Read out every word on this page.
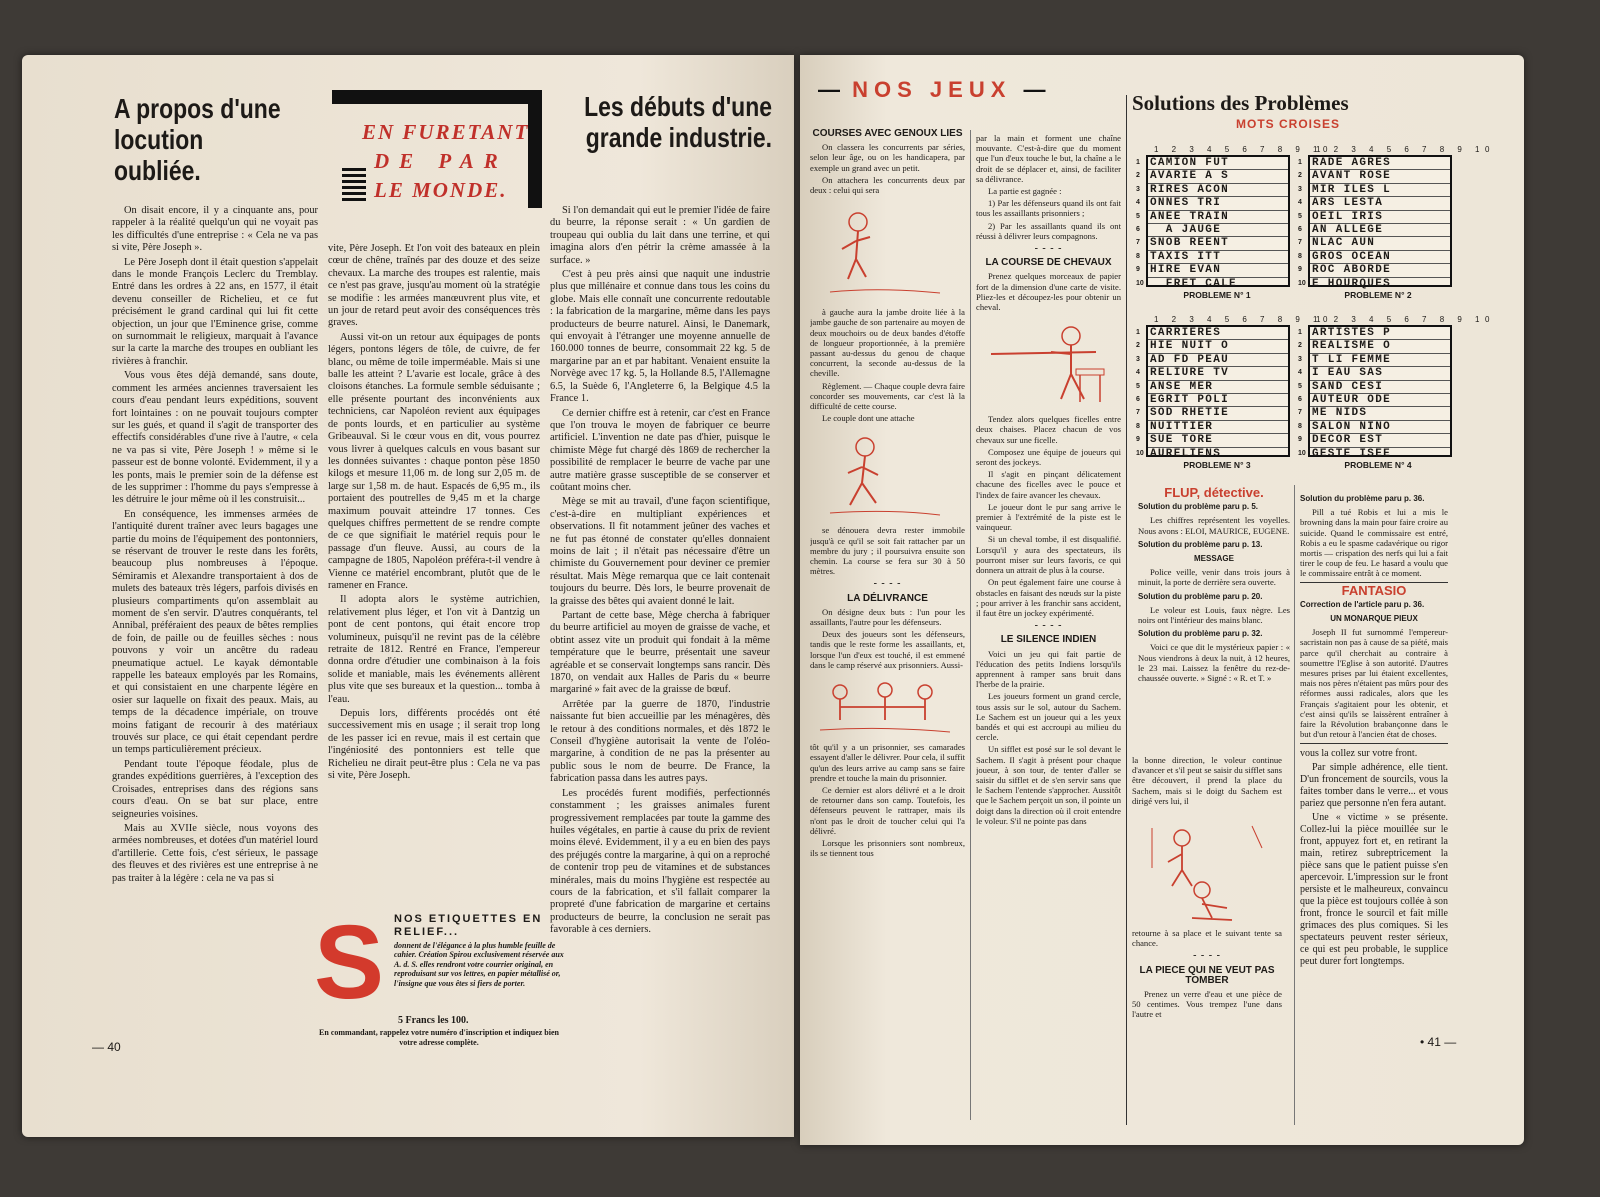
A propos d'une locution oubliée.
EN FURETANT
DE PAR
LE MONDE.
Les débuts d'une grande industrie.

On disait encore, il y a cinquante ans, pour rappeler à la réalité quelqu'un qui ne voyait pas les difficultés d'une entreprise : « Cela ne va pas si vite, Père Joseph ».

Le Père Joseph dont il était question s'appelait dans le monde François Leclerc du Tremblay. Entré dans les ordres à 22 ans, en 1577, il était devenu conseiller de Richelieu, et ce fut précisément le grand cardinal qui lui fit cette objection, un jour que l'Eminence grise, comme on surnommait le religieux, marquait à l'avance sur la carte la marche des troupes en oubliant les rivières à franchir.

Vous vous êtes déjà demandé, sans doute, comment les armées anciennes traversaient les cours d'eau pendant leurs expéditions, souvent fort lointaines : on ne pouvait toujours compter sur les gués, et quand il s'agit de transporter des effectifs considérables d'une rive à l'autre, « cela ne va pas si vite, Père Joseph ! » même si le passeur est de bonne volonté. Evidemment, il y a les ponts, mais le premier soin de la défense est de les supprimer : l'homme du pays s'empresse à les détruire le jour même où il les construisit...

En conséquence, les immenses armées de l'antiquité durent traîner avec leurs bagages une partie du moins de l'équipement des pontonniers, se réservant de trouver le reste dans les forêts, beaucoup plus nombreuses à l'époque. Sémiramis et Alexandre transportaient à dos de mulets des bateaux très légers, parfois divisés en plusieurs compartiments qu'on assemblait au moment de s'en servir. D'autres conquérants, tel Annibal, préféraient des peaux de bêtes remplies de foin, de paille ou de feuilles sèches : nous pouvons y voir un ancêtre du radeau pneumatique actuel. Le kayak démontable rappelle les bateaux employés par les Romains, et qui consistaient en une charpente légère en osier sur laquelle on fixait des peaux. Mais, au temps de la décadence impériale, on trouve moins fatigant de recourir à des matériaux trouvés sur place, ce qui était cependant perdre un temps particulièrement précieux.

Pendant toute l'époque féodale, plus de grandes expéditions guerrières, à l'exception des Croisades, entreprises dans des régions sans cours d'eau. On se bat sur place, entre seigneuries voisines.

Mais au XVIIe siècle, nous voyons des armées nombreuses, et dotées d'un matériel lourd d'artillerie. Cette fois, c'est sérieux, le passage des fleuves et des rivières est une entreprise à ne pas traiter à la légère : cela ne va pas si

vite, Père Joseph. Et l'on voit des bateaux en plein cœur de chêne, traînés par des douze et des seize chevaux. La marche des troupes est ralentie, mais ce n'est pas grave, jusqu'au moment où la stratégie se modifie : les armées manœuvrent plus vite, et un jour de retard peut avoir des conséquences très graves.

Aussi vit-on un retour aux équipages de ponts légers, pontons légers de tôle, de cuivre, de fer blanc, ou même de toile imperméable. Mais si une balle les atteint ? L'avarie est locale, grâce à des cloisons étanches. La formule semble séduisante ; elle présente pourtant des inconvénients aux techniciens, car Napoléon revient aux équipages de ponts lourds, et en particulier au système Gribeauval. Si le cœur vous en dit, vous pourrez vous livrer à quelques calculs en vous basant sur les données suivantes : chaque ponton pèse 1850 kilogs et mesure 11,06 m. de long sur 2,05 m. de large sur 1,58 m. de haut. Espacés de 6,95 m., ils portaient des poutrelles de 9,45 m et la charge maximum pouvait atteindre 17 tonnes. Ces quelques chiffres permettent de se rendre compte de ce que signifiait le matériel requis pour le passage d'un fleuve. Aussi, au cours de la campagne de 1805, Napoléon préféra-t-il vendre à Vienne ce matériel encombrant, plutôt que de le ramener en France.

Il adopta alors le système autrichien, relativement plus léger, et l'on vit à Dantzig un pont de cent pontons, qui était encore trop volumineux, puisqu'il ne revint pas de la célèbre retraite de 1812. Rentré en France, l'empereur donna ordre d'étudier une combinaison à la fois solide et maniable, mais les événements allèrent plus vite que ses bureaux et la question... tomba à l'eau.

Depuis lors, différents procédés ont été successivement mis en usage ; il serait trop long de les passer ici en revue, mais il est certain que l'ingéniosité des pontonniers est telle que Richelieu ne dirait peut-être plus : Cela ne va pas si vite, Père Joseph.

S NOS ETIQUETTES EN RELIEF...
donnent de l'élégance à la plus humble feuille de cahier. Création Spirou exclusivement réservée aux A. d. S. elles rendront votre courrier original, en reproduisant sur vos lettres, en papier métallisé or, l'insigne que vous êtes si fiers de porter.
5 Francs les 100.
En commandant, rappelez votre numéro d'inscription et indiquez bien votre adresse complète.

Si l'on demandait qui eut le premier l'idée de faire du beurre, la réponse serait : « Un gardien de troupeau qui oublia du lait dans une terrine, et qui imagina alors d'en pétrir la crème amassée à la surface. »

C'est à peu près ainsi que naquit une industrie plus que millénaire et connue dans tous les coins du globe. Mais elle connaît une concurrente redoutable : la fabrication de la margarine, même dans les pays producteurs de beurre naturel. Ainsi, le Danemark, qui envoyait à l'étranger une moyenne annuelle de 160.000 tonnes de beurre, consommait 22 kg. 5 de margarine par an et par habitant. Venaient ensuite la Norvège avec 17 kg. 5, la Hollande 8.5, l'Allemagne 6.5, la Suède 6, l'Angleterre 6, la Belgique 4.5 la France 1.

Ce dernier chiffre est à retenir, car c'est en France que l'on trouva le moyen de fabriquer ce beurre artificiel. L'invention ne date pas d'hier, puisque le chimiste Mège fut chargé dès 1869 de rechercher la possibilité de remplacer le beurre de vache par une autre matière grasse susceptible de se conserver et coûtant moins cher.

Mège se mit au travail, d'une façon scientifique, c'est-à-dire en multipliant expériences et observations. Il fit notamment jeûner des vaches et ne fut pas étonné de constater qu'elles donnaient moins de lait ; il n'était pas nécessaire d'être un chimiste du Gouvernement pour deviner ce premier résultat. Mais Mège remarqua que ce lait contenait toujours du beurre. Dès lors, le beurre provenait de la graisse des bêtes qui avaient donné le lait.

Partant de cette base, Mège chercha à fabriquer du beurre artificiel au moyen de graisse de vache, et obtint assez vite un produit qui fondait à la même température que le beurre, présentait une saveur agréable et se conservait longtemps sans rancir. Dès 1870, on vendait aux Halles de Paris du « beurre margariné » fait avec de la graisse de bœuf.

Arrêtée par la guerre de 1870, l'industrie naissante fut bien accueillie par les ménagères, dès le retour à des conditions normales, et dès 1872 le Conseil d'hygiène autorisait la vente de l'oléo-margarine, à condition de ne pas la présenter au public sous le nom de beurre. De France, la fabrication passa dans les autres pays.

Les procédés furent modifiés, perfectionnés constamment ; les graisses animales furent progressivement remplacées par toute la gamme des huiles végétales, en partie à cause du prix de revient moins élevé. Evidemment, il y a eu en bien des pays des préjugés contre la margarine, à qui on a reproché de contenir trop peu de vitamines et de substances minérales, mais du moins l'hygiène est respectée au cours de la fabrication, et s'il fallait comparer la propreté d'une fabrication de margarine et certains producteurs de beurre, la conclusion ne serait pas favorable à ces derniers.

— 40
— NOS JEUX —
Solutions des Problèmes
MOTS CROISES
COURSES AVEC GENOUX LIES

On classera les concurrents par séries, selon leur âge, ou on les handicapera, par exemple un grand avec un petit.

On attachera les concurrents deux par deux : celui qui sera

à gauche aura la jambe droite liée à la jambe gauche de son partenaire au moyen de deux mouchoirs ou de deux bandes d'étoffe de longueur proportionnée, à la première passant au-dessus du genou de chaque concurrent, la seconde au-dessus de la cheville.

Règlement. — Chaque couple devra faire concorder ses mouvements, car c'est là la difficulté de cette course.

Le couple dont une attache

se dénouera devra rester immobile jusqu'à ce qu'il se soit fait rattacher par un membre du jury ; il poursuivra ensuite son chemin. La course se fera sur 30 à 50 mètres.

- - - -
LA DÉLIVRANCE

On désigne deux buts : l'un pour les assaillants, l'autre pour les défenseurs.

Deux des joueurs sont les défenseurs, tandis que le reste forme les assaillants, et, lorsque l'un d'eux est touché, il est emmené dans le camp réservé aux prisonniers. Aussi-

tôt qu'il y a un prisonnier, ses camarades essayent d'aller le délivrer. Pour cela, il suffit qu'un des leurs arrive au camp sans se faire prendre et touche la main du prisonnier.

Ce dernier est alors délivré et a le droit de retourner dans son camp. Toutefois, les défenseurs peuvent le rattraper, mais ils n'ont pas le droit de toucher celui qui l'a délivré.

Lorsque les prisonniers sont nombreux, ils se tiennent tous

par la main et forment une chaîne mouvante. C'est-à-dire que du moment que l'un d'eux touche le but, la chaîne a le droit de se déplacer et, ainsi, de faciliter sa délivrance.

La partie est gagnée :

1) Par les défenseurs quand ils ont fait tous les assaillants prisonniers ;

2) Par les assaillants quand ils ont réussi à délivrer leurs compagnons.

- - - -
LA COURSE DE CHEVAUX

Prenez quelques morceaux de papier fort de la dimension d'une carte de visite. Pliez-les et découpez-les pour obtenir un cheval.

Tendez alors quelques ficelles entre deux chaises. Placez chacun de vos chevaux sur une ficelle.

Composez une équipe de joueurs qui seront des jockeys.

Il s'agit en pinçant délicatement chacune des ficelles avec le pouce et l'index de faire avancer les chevaux.

Le joueur dont le pur sang arrive le premier à l'extrémité de la piste est le vainqueur.

Si un cheval tombe, il est disqualifié. Lorsqu'il y aura des spectateurs, ils pourront miser sur leurs favoris, ce qui donnera un attrait de plus à la course.

On peut également faire une course à obstacles en faisant des nœuds sur la piste ; pour arriver à les franchir sans accident, il faut être un jockey expérimenté.

- - - -
LE SILENCE INDIEN

Voici un jeu qui fait partie de l'éducation des petits Indiens lorsqu'ils apprennent à ramper sans bruit dans l'herbe de la prairie.

Les joueurs forment un grand cercle, tous assis sur le sol, autour du Sachem. Le Sachem est un joueur qui a les yeux bandés et qui est accroupi au milieu du cercle.

Un sifflet est posé sur le sol devant le Sachem. Il s'agit à présent pour chaque joueur, à son tour, de tenter d'aller se saisir du sifflet et de s'en servir sans que le Sachem l'entende s'approcher. Aussitôt que le Sachem perçoit un son, il pointe un doigt dans la direction où il croit entendre le voleur. S'il ne pointe pas dans

la bonne direction, le voleur continue d'avancer et s'il peut se saisir du sifflet sans être découvert, il prend la place du Sachem, mais si le doigt du Sachem est dirigé vers lui, il

retourne à sa place et le suivant tente sa chance.

- - - -
LA PIECE QUI NE VEUT PAS TOMBER

Prenez un verre d'eau et une pièce de 50 centimes. Vous trempez l'une dans l'autre et

1 2 3 4 5 6 7 8 9 10
1 CAMION FUT
2 AVARIE A S
3 RIRES ACON
4 ONNES TRI
5 ANEE TRAIN
6 A JAUGE
7 SNOB REENT
8 TAXIS ITT
9 HIRE EVAN
10 FRET CALE
PROBLEME N° 1
1 2 3 4 5 6 7 8 9 10
1 RADE AGRES
2 AVANT ROSE
3 MIR ILES L
4 ARS LESTA
5 OEIL IRIS
6 AN ALLEGE
7 NLAC AUN
8 GROS OCEAN
9 ROC ABORDE
10 E HOURQUES
PROBLEME N° 2
1 2 3 4 5 6 7 8 9 10
1 CARRIERES
2 HIE NUIT O
3 AD FD PEAU
4 RELIURE TV
5 ANSE MER
6 EGRIT POLI
7 SOD RHETIE
8 NUITTIER
9 SUE TORE
10 AURELIENS
PROBLEME N° 3
1 2 3 4 5 6 7 8 9 10
1 ARTISTES P
2 REALISME O
3 T LI FEMME
4 I EAU SAS
5 SAND CESI
6 AUTEUR ODE
7 ME NIDS
8 SALON NINO
9 DECOR EST
10 GESTE ISEE
PROBLEME N° 4
FLUP, détective.
Solution du problème paru p. 5.

Les chiffres représentent les voyelles. Nous avons : ELOI, MAURICE, EUGENE.

Solution du problème paru p. 13.
MESSAGE

Police veille, venir dans trois jours à minuit, la porte de derrière sera ouverte.

Solution du problème paru p. 20.

Le voleur est Louis, faux nègre. Les noirs ont l'intérieur des mains blanc.

Solution du problème paru p. 32.

Voici ce que dit le mystérieux papier : « Nous viendrons à deux la nuit, à 12 heures, le 23 mai. Laissez la fenêtre du rez-de-chaussée ouverte. » Signé : « R. et T. »

Solution du problème paru p. 36.

Pill a tué Robis et lui a mis le browning dans la main pour faire croire au suicide. Quand le commissaire est entré, Robis a eu le spasme cadavérique ou rigor mortis — crispation des nerfs qui lui a fait tirer le coup de feu. Le hasard a voulu que le commissaire entrât à ce moment.

FANTASIO
Correction de l'article paru p. 36.
UN MONARQUE PIEUX

Joseph II fut surnommé l'empereur-sacristain non pas à cause de sa piété, mais parce qu'il cherchait au contraire à soumettre l'Eglise à son autorité. D'autres mesures prises par lui étaient excellentes, mais nos pères n'étaient pas mûrs pour des réformes aussi radicales, alors que les Français s'agitaient pour les obtenir, et c'est ainsi qu'ils se laissèrent entraîner à faire la Révolution brabançonne dans le but d'un retour à l'ancien état de choses.

vous la collez sur votre front.

Par simple adhérence, elle tient. D'un froncement de sourcils, vous la faites tomber dans le verre... et vous pariez que personne n'en fera autant.

Une « victime » se présente. Collez-lui la pièce mouillée sur le front, appuyez fort et, en retirant la main, retirez subreptricement la pièce sans que le patient puisse s'en apercevoir. L'impression sur le front persiste et le malheureux, convaincu que la pièce est toujours collée à son front, fronce le sourcil et fait mille grimaces des plus comiques. Si les spectateurs peuvent rester sérieux, ce qui est peu probable, le supplice peut durer fort longtemps.

• 41 —
